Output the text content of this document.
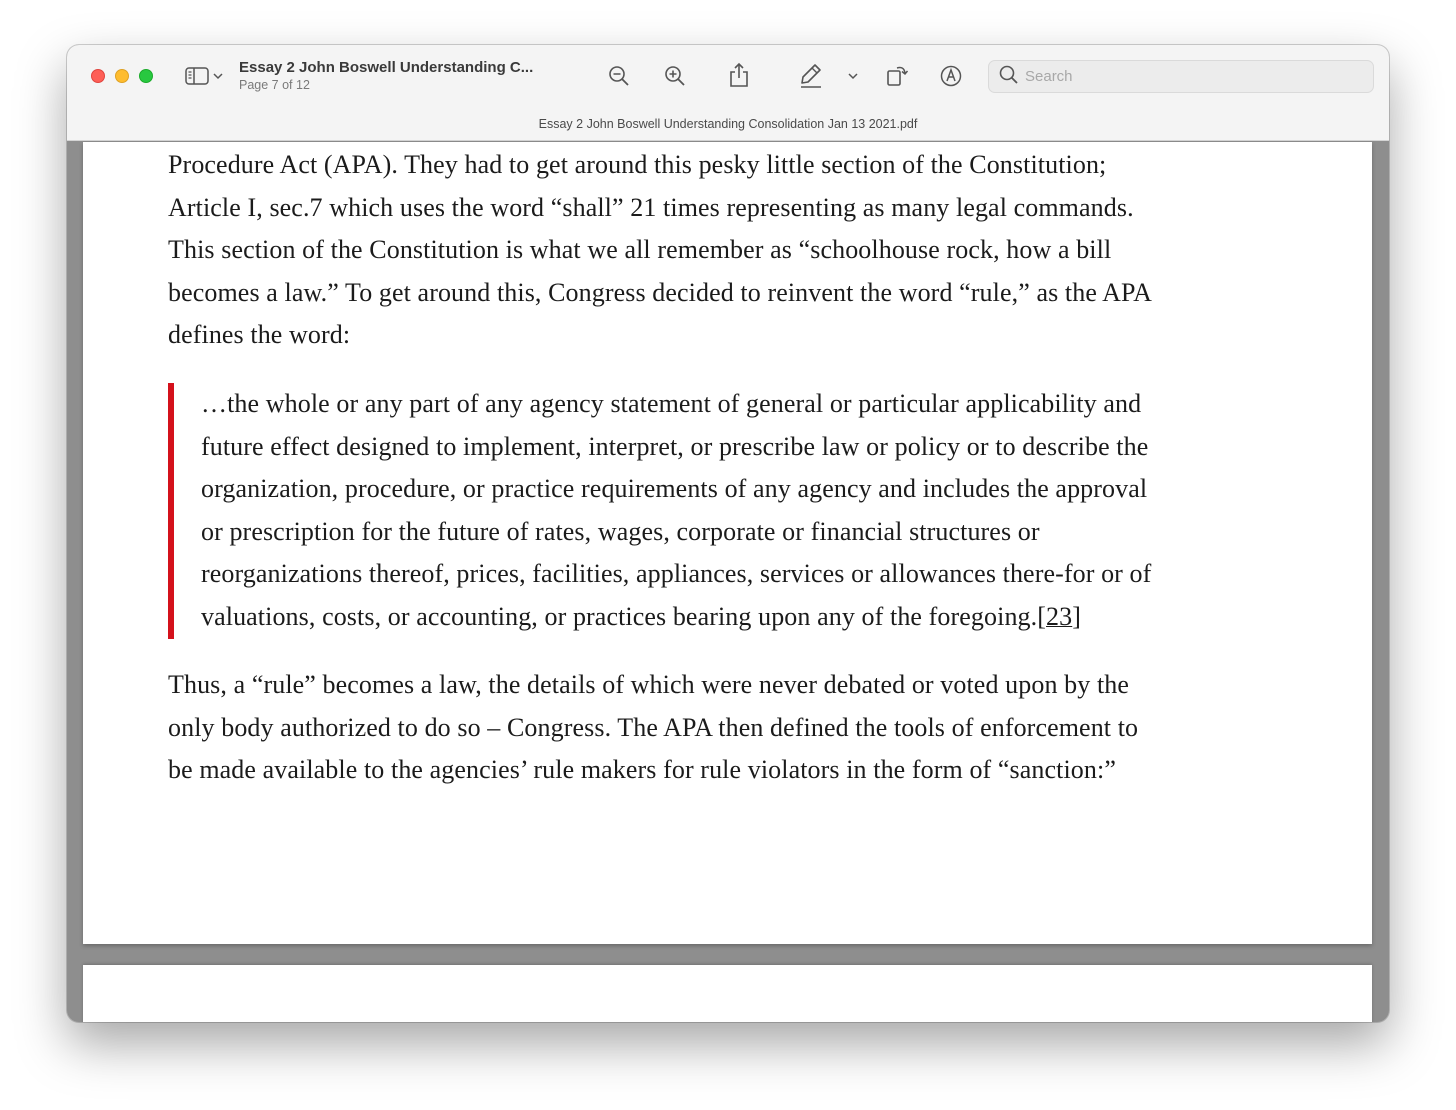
Essay 2 John Boswell Understanding C...
Page 7 of 12
Search
Essay 2 John Boswell Understanding Consolidation Jan 13 2021.pdf
Procedure Act (APA). They had to get around this pesky little section of the Constitution;
Article I, sec.7 which uses the word “shall” 21 times representing as many legal commands.
This section of the Constitution is what we all remember as “schoolhouse rock, how a bill
becomes a law.” To get around this, Congress decided to reinvent the word “rule,” as the APA
defines the word:
…the whole or any part of any agency statement of general or particular applicability and
future effect designed to implement, interpret, or prescribe law or policy or to describe the
organization, procedure, or practice requirements of any agency and includes the approval
or prescription for the future of rates, wages, corporate or financial structures or
reorganizations thereof, prices, facilities, appliances, services or allowances there-for or of
valuations, costs, or accounting, or practices bearing upon any of the foregoing.[23]
Thus, a “rule” becomes a law, the details of which were never debated or voted upon by the
only body authorized to do so – Congress. The APA then defined the tools of enforcement to
be made available to the agencies’ rule makers for rule violators in the form of “sanction:”
